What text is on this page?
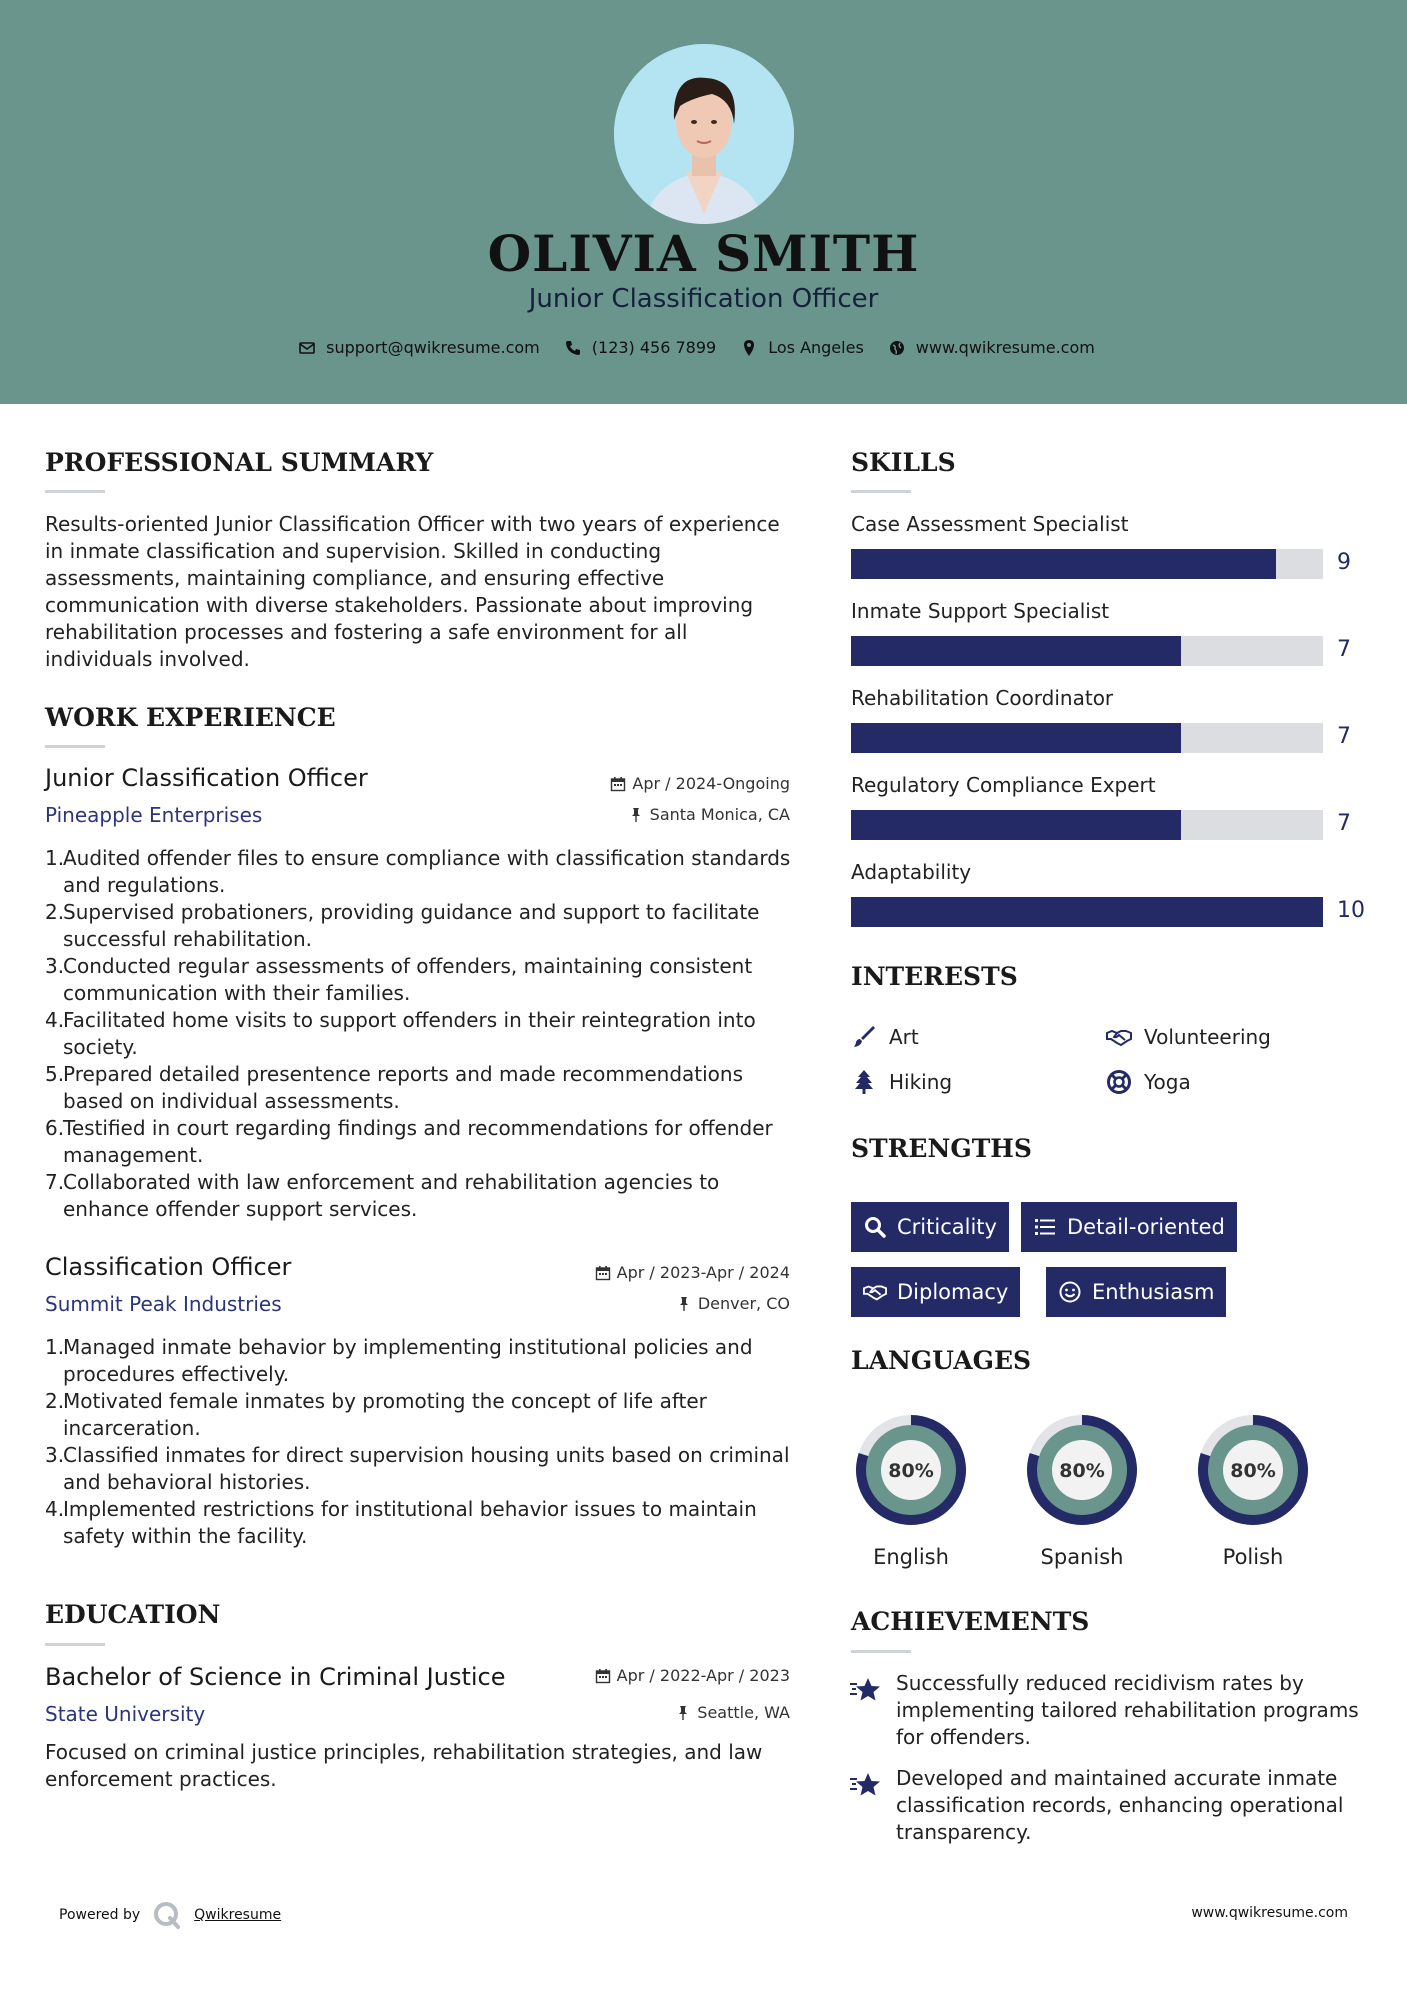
OLIVIA SMITH
Junior Classification Officer
support@qwikresume.com	(123) 456 7899	Los Angeles	www.qwikresume.com
PROFESSIONAL SUMMARY
Results-oriented Junior Classification Officer with two years of experience in inmate classification and supervision. Skilled in conducting assessments, maintaining compliance, and ensuring effective communication with diverse stakeholders. Passionate about improving rehabilitation processes and fostering a safe environment for all individuals involved.
WORK EXPERIENCE
Junior Classification Officer	Apr / 2024-Ongoing
Pineapple Enterprises	Santa Monica, CA
1.
Audited offender files to ensure compliance with classification standards and regulations.
2.
Supervised probationers, providing guidance and support to facilitate successful rehabilitation.
3.
Conducted regular assessments of offenders, maintaining consistent communication with their families.
4.
Facilitated home visits to support offenders in their reintegration into society.
5.
Prepared detailed presentence reports and made recommendations based on individual assessments.
6.
Testified in court regarding findings and recommendations for offender management.
7.
Collaborated with law enforcement and rehabilitation agencies to enhance offender support services.
Classification Officer	Apr / 2023-Apr / 2024
Summit Peak Industries	Denver, CO
1.
Managed inmate behavior by implementing institutional policies and procedures effectively.
2.
Motivated female inmates by promoting the concept of life after incarceration.
3.
Classified inmates for direct supervision housing units based on criminal and behavioral histories.
4.
Implemented restrictions for institutional behavior issues to maintain safety within the facility.
EDUCATION
Bachelor of Science in Criminal Justice	Apr / 2022-Apr / 2023
State University	Seattle, WA
Focused on criminal justice principles, rehabilitation strategies, and law enforcement practices.
SKILLS
Case Assessment Specialist
9
Inmate Support Specialist
7
Rehabilitation Coordinator
7
Regulatory Compliance Expert
7
Adaptability
10
INTERESTS
Art	Volunteering
Hiking	Yoga
STRENGTHS
Criticality	Detail-oriented
Diplomacy	Enthusiasm
LANGUAGES
80%
English
80%
Spanish
80%
Polish
ACHIEVEMENTS
Successfully reduced recidivism rates by implementing tailored rehabilitation programs for offenders.
Developed and maintained accurate inmate classification records, enhancing operational transparency.
Powered by	Qwikresume	www.qwikresume.com
